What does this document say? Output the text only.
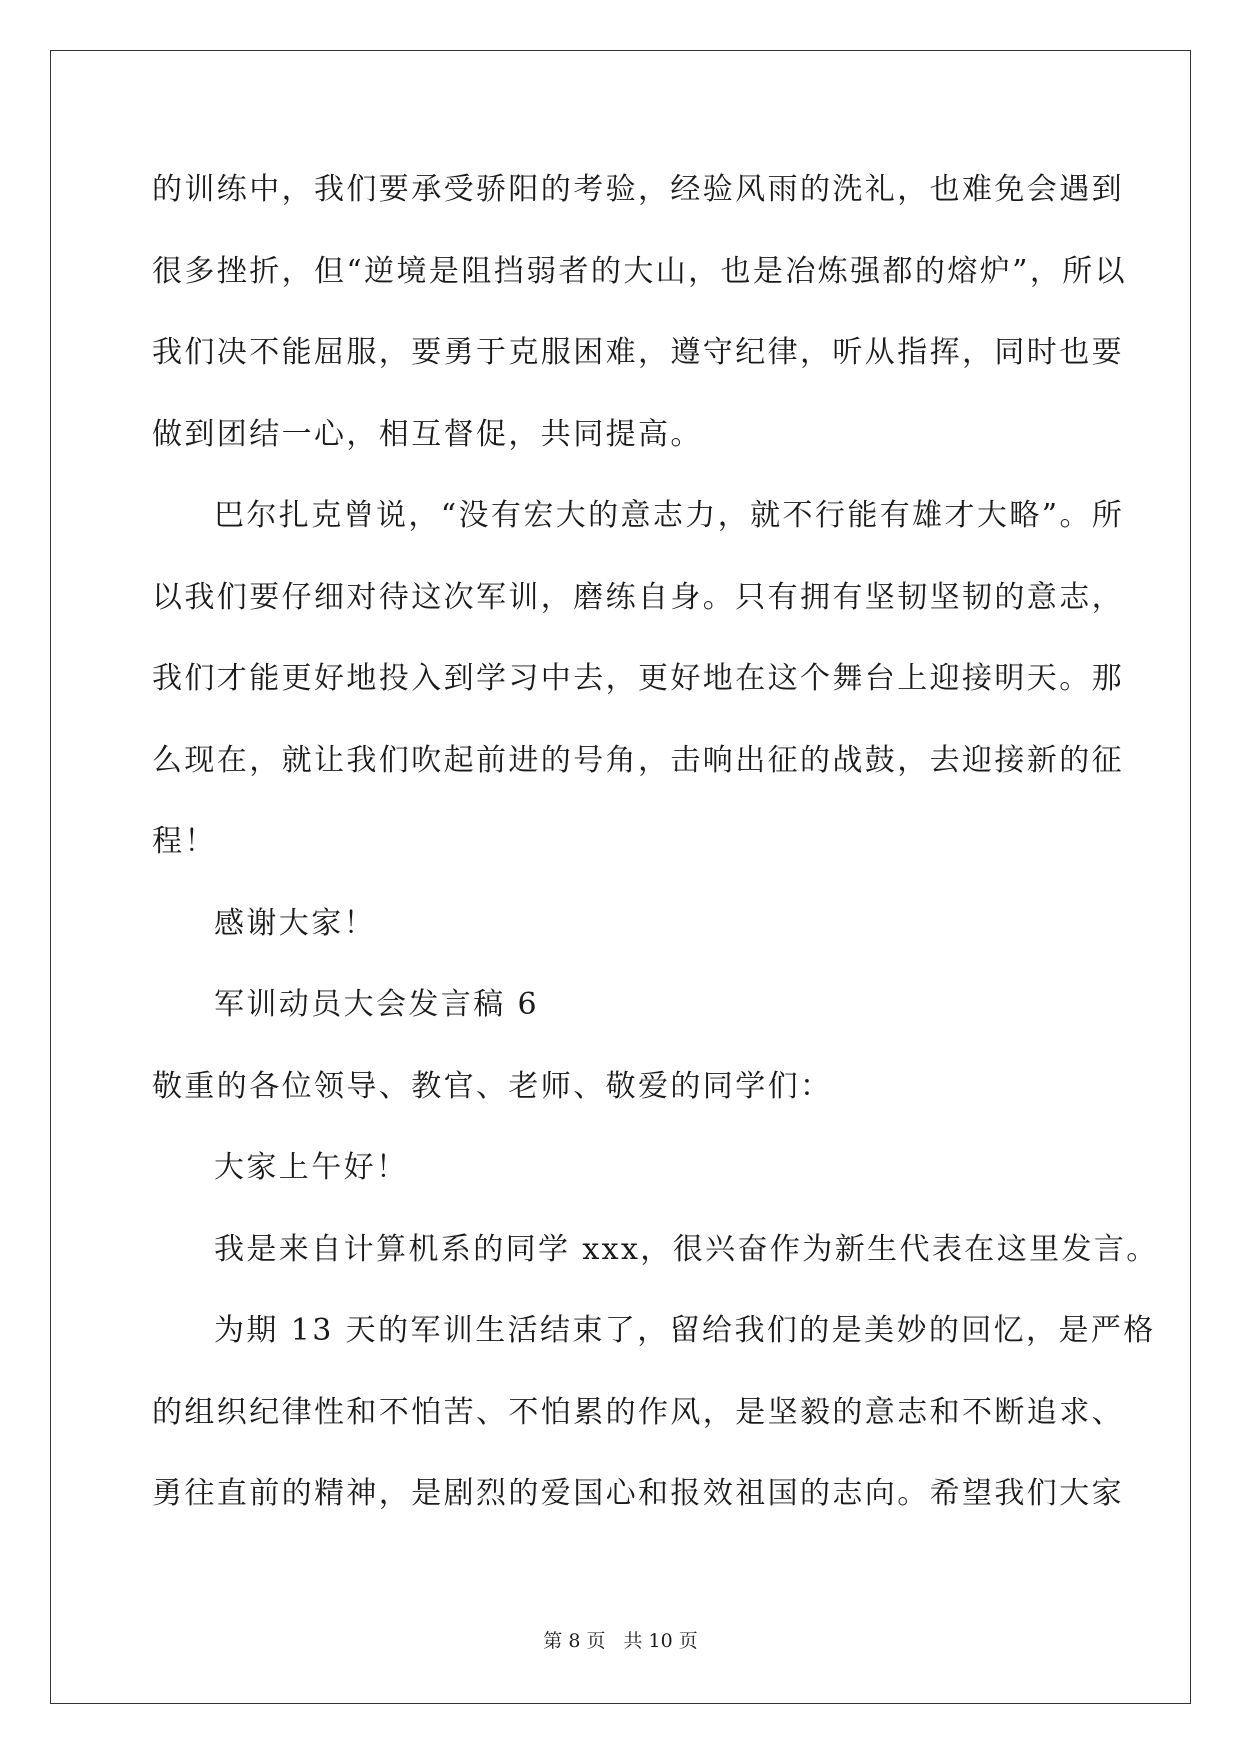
的训练中，我们要承受骄阳的考验，经验风雨的洗礼，也难免会遇到
很多挫折，但“逆境是阻挡弱者的大山，也是冶炼强都的熔炉”，所以
我们决不能屈服，要勇于克服困难，遵守纪律，听从指挥，同时也要
做到团结一心，相互督促，共同提高。
巴尔扎克曾说，“没有宏大的意志力，就不行能有雄才大略”。所
以我们要仔细对待这次军训，磨练自身。只有拥有坚韧坚韧的意志，
我们才能更好地投入到学习中去，更好地在这个舞台上迎接明天。那
么现在，就让我们吹起前进的号角，击响出征的战鼓，去迎接新的征
程！
感谢大家！
军训动员大会发言稿 6
敬重的各位领导、教官、老师、敬爱的同学们：
大家上午好！
我是来自计算机系的同学 xxx，很兴奋作为新生代表在这里发言。
为期 13 天的军训生活结束了，留给我们的是美妙的回忆，是严格
的组织纪律性和不怕苦、不怕累的作风，是坚毅的意志和不断追求、
勇往直前的精神，是剧烈的爱国心和报效祖国的志向。希望我们大家
第 8 页 共 10 页
